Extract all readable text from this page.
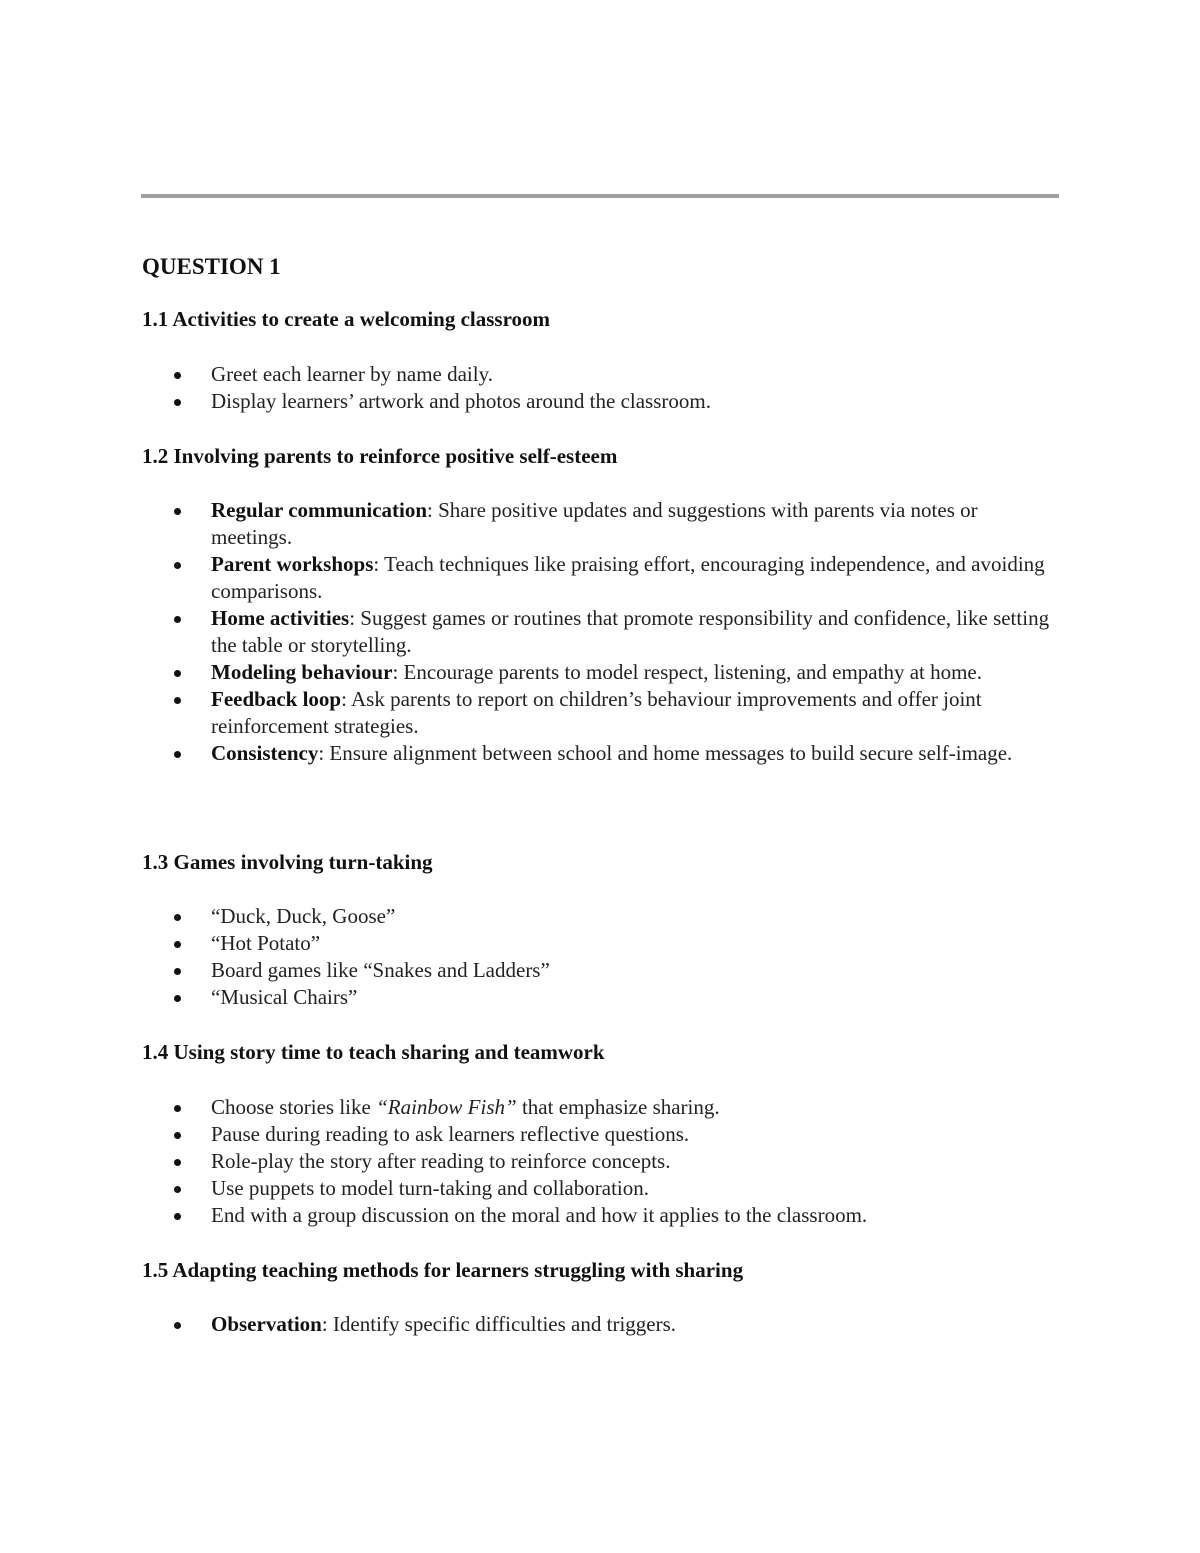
QUESTION 1
1.1 Activities to create a welcoming classroom
Greet each learner by name daily.
Display learners’ artwork and photos around the classroom.
1.2 Involving parents to reinforce positive self-esteem
Regular communication: Share positive updates and suggestions with parents via notes or meetings.
Parent workshops: Teach techniques like praising effort, encouraging independence, and avoiding comparisons.
Home activities: Suggest games or routines that promote responsibility and confidence, like setting the table or storytelling.
Modeling behaviour: Encourage parents to model respect, listening, and empathy at home.
Feedback loop: Ask parents to report on children’s behaviour improvements and offer joint reinforcement strategies.
Consistency: Ensure alignment between school and home messages to build secure self-image.
1.3 Games involving turn-taking
“Duck, Duck, Goose”
“Hot Potato”
Board games like “Snakes and Ladders”
“Musical Chairs”
1.4 Using story time to teach sharing and teamwork
Choose stories like “Rainbow Fish” that emphasize sharing.
Pause during reading to ask learners reflective questions.
Role-play the story after reading to reinforce concepts.
Use puppets to model turn-taking and collaboration.
End with a group discussion on the moral and how it applies to the classroom.
1.5 Adapting teaching methods for learners struggling with sharing
Observation: Identify specific difficulties and triggers.
